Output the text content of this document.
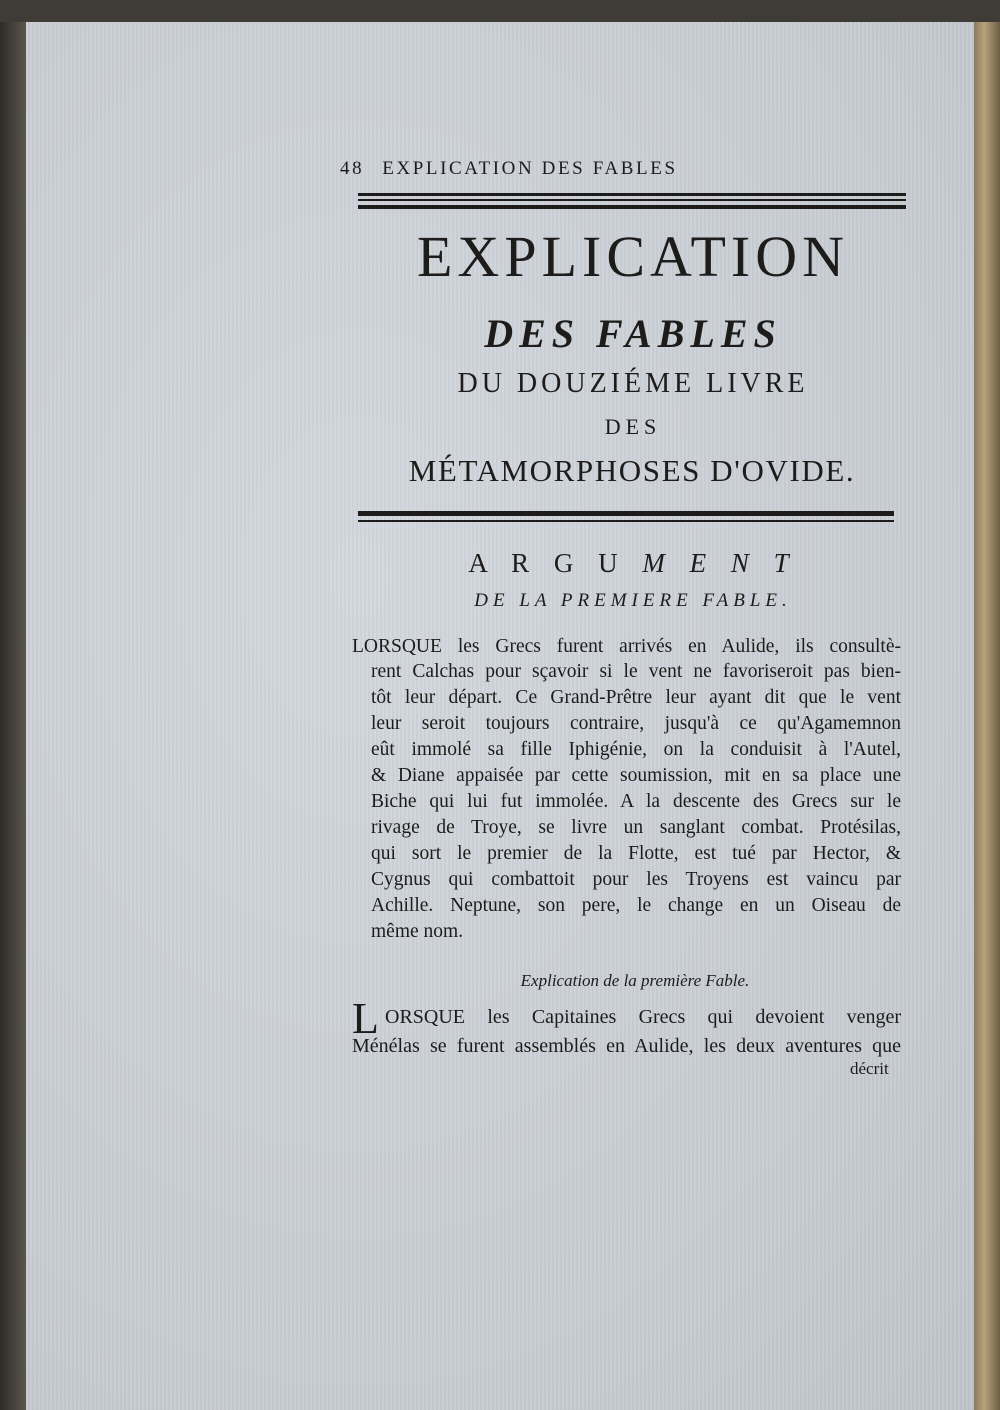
48 EXPLICATION DES FABLES
EXPLICATION
DES FABLES
DU DOUZIÉME LIVRE
DES
MÉTAMORPHOSES D'OVIDE.
A R G U M E N T
DE LA PREMIERE FABLE.
LORSQUE les Grecs furent arrivés en Aulide, ils consultè-
rent Calchas pour sçavoir si le vent ne favoriseroit pas bien-
tôt leur départ. Ce Grand-Prêtre leur ayant dit que le vent
leur seroit toujours contraire, jusqu'à ce qu'Agamemnon
eût immolé sa fille Iphigénie, on la conduisit à l'Autel,
& Diane appaisée par cette soumission, mit en sa place une
Biche qui lui fut immolée. A la descente des Grecs sur le
rivage de Troye, se livre un sanglant combat. Protésilas,
qui sort le premier de la Flotte, est tué par Hector, &
Cygnus qui combattoit pour les Troyens est vaincu par
Achille. Neptune, son pere, le change en un Oiseau de
même nom.
Explication de la première Fable.
L ORSQUE les Capitaines Grecs qui devoient venger
Ménélas se furent assemblés en Aulide, les deux aventures que
décrit
